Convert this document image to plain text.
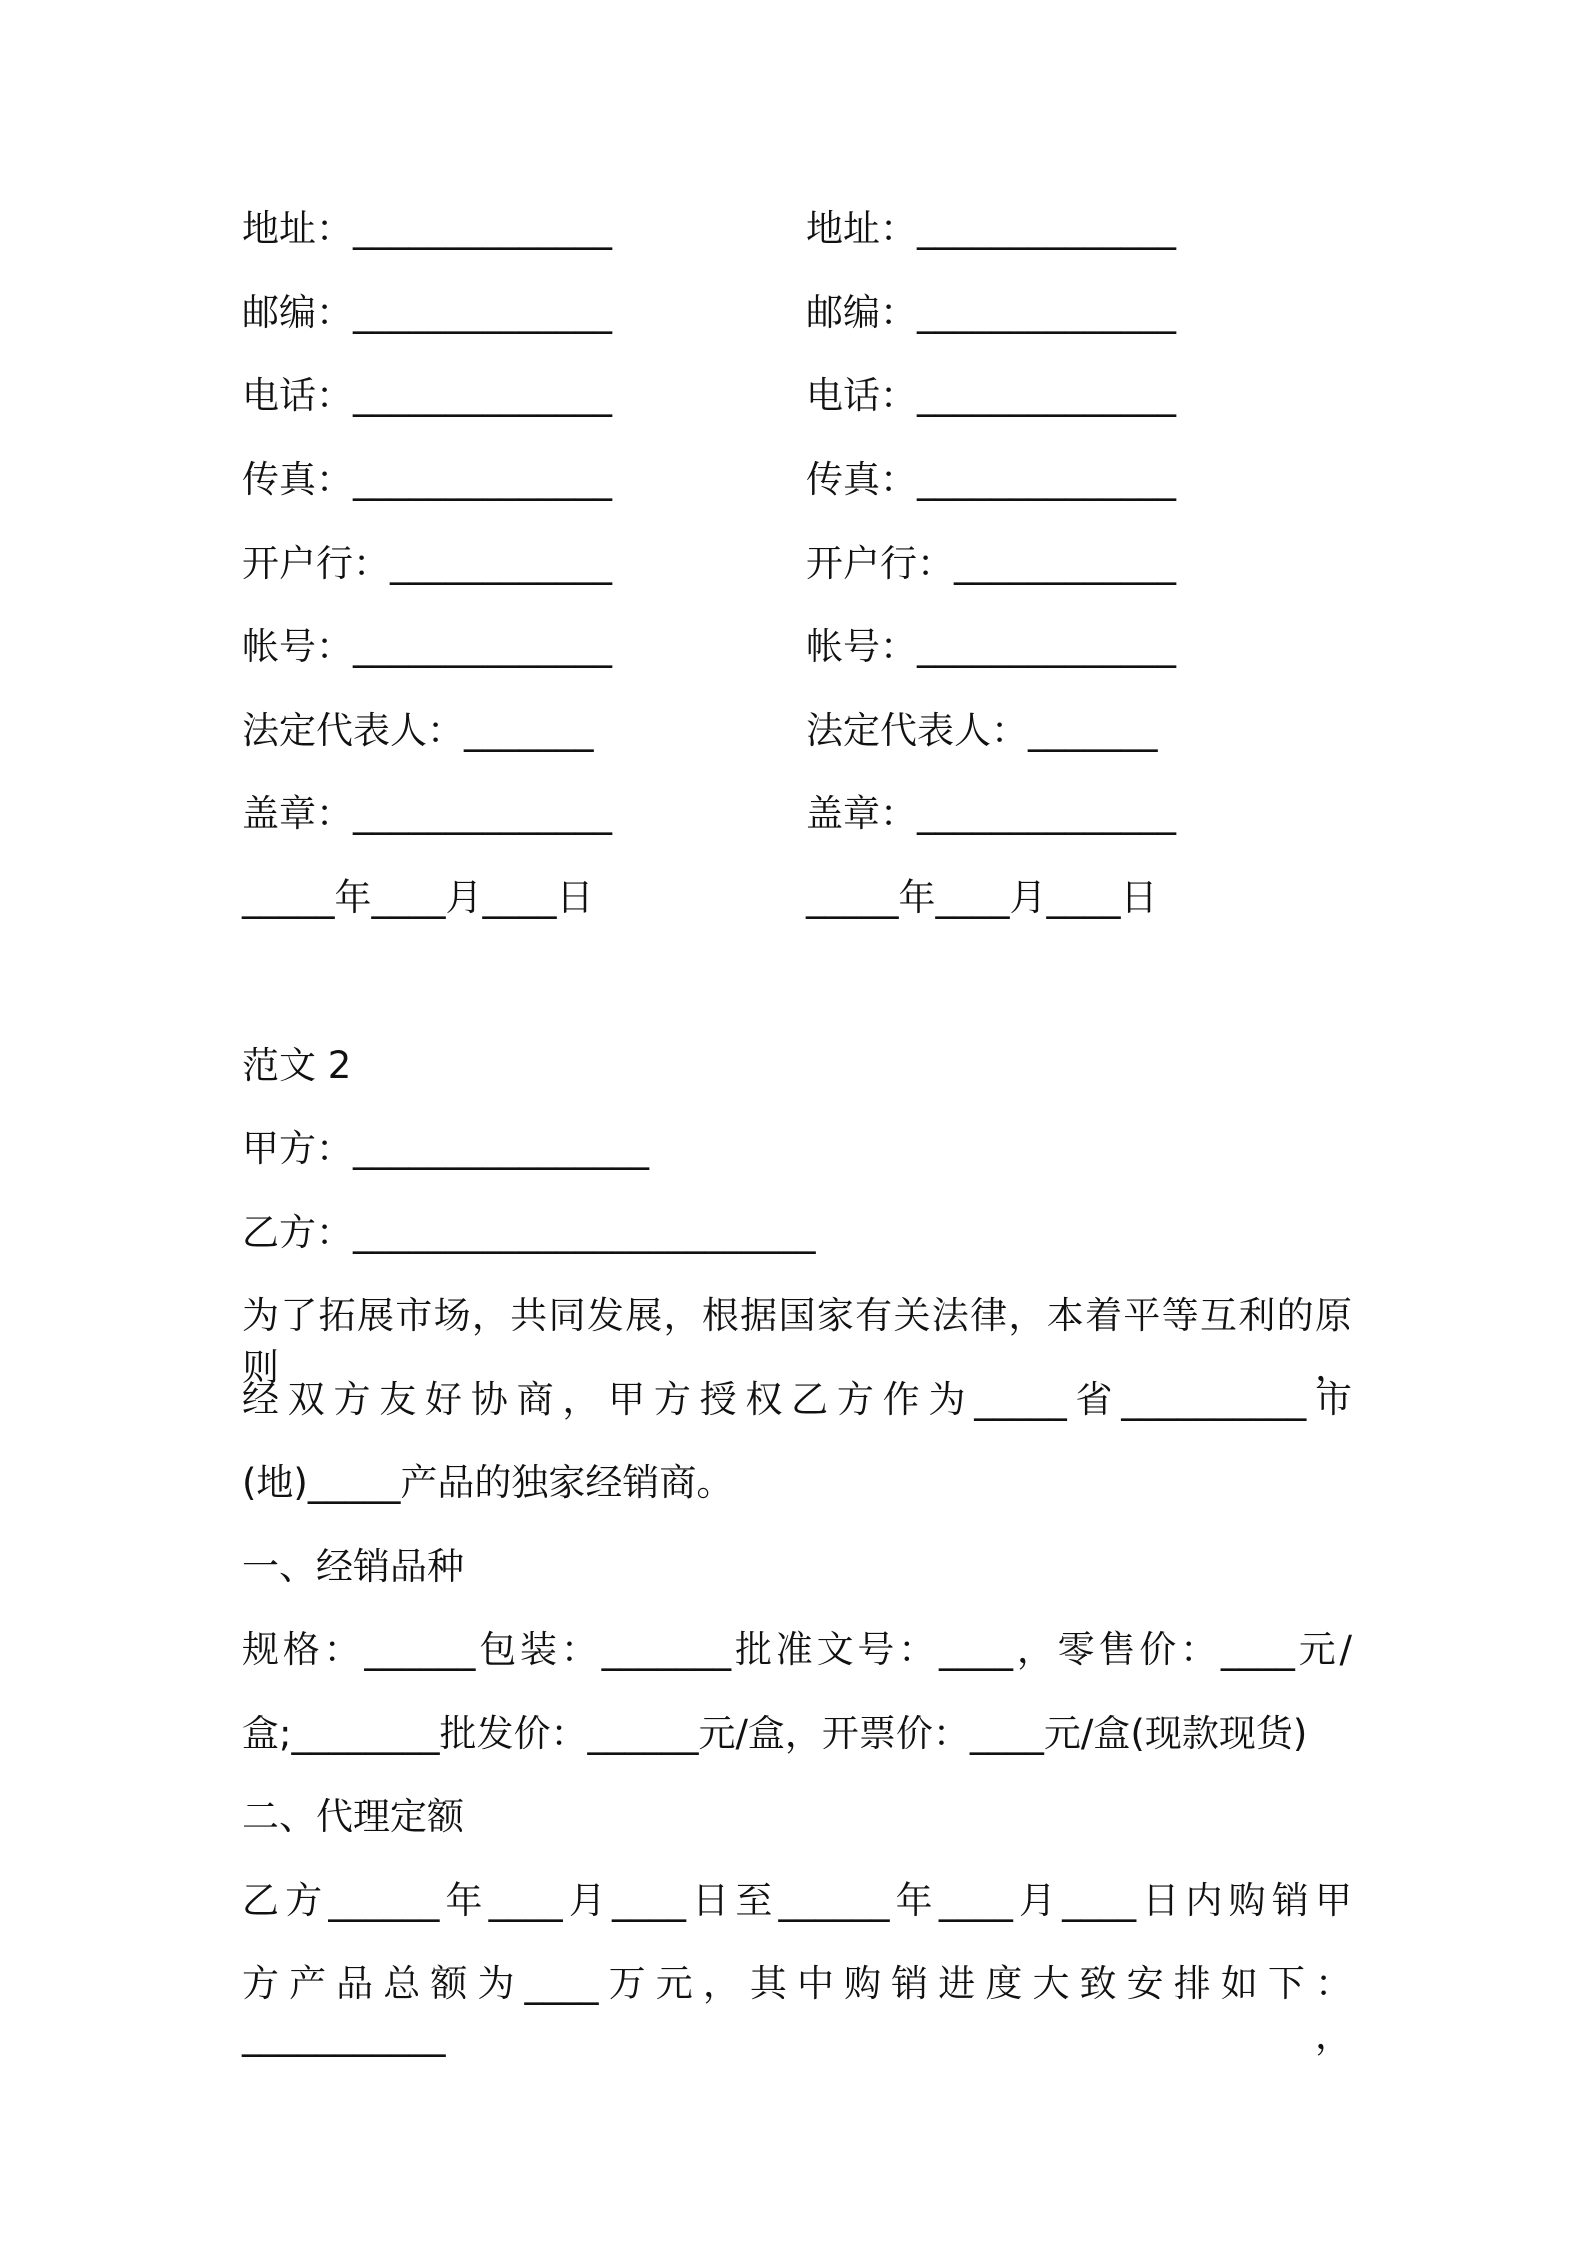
地址：______________
邮编：______________
电话：______________
传真：______________
开户行：____________
帐号：______________
法定代表人：_______
盖章：______________
_____年____月____日
地址：______________
邮编：______________
电话：______________
传真：______________
开户行：____________
帐号：______________
法定代表人：_______
盖章：______________
_____年____月____日
范文 2
甲方：________________
乙方：_________________________
为了拓展市场，共同发展，根据国家有关法律，本着平等互利的原则，
经双方友好协商，甲方授权乙方作为_____省__________市
(地)_____产品的独家经销商。
一、经销品种
规格：______包装：_______批准文号：____，零售价：____元/
盒;________批发价：______元/盒，开票价：____元/盒(现款现货)
二、代理定额
乙方______年____月____日至______年____月____日内购销甲
方产品总额为____万元，其中购销进度大致安排如下：___________，
